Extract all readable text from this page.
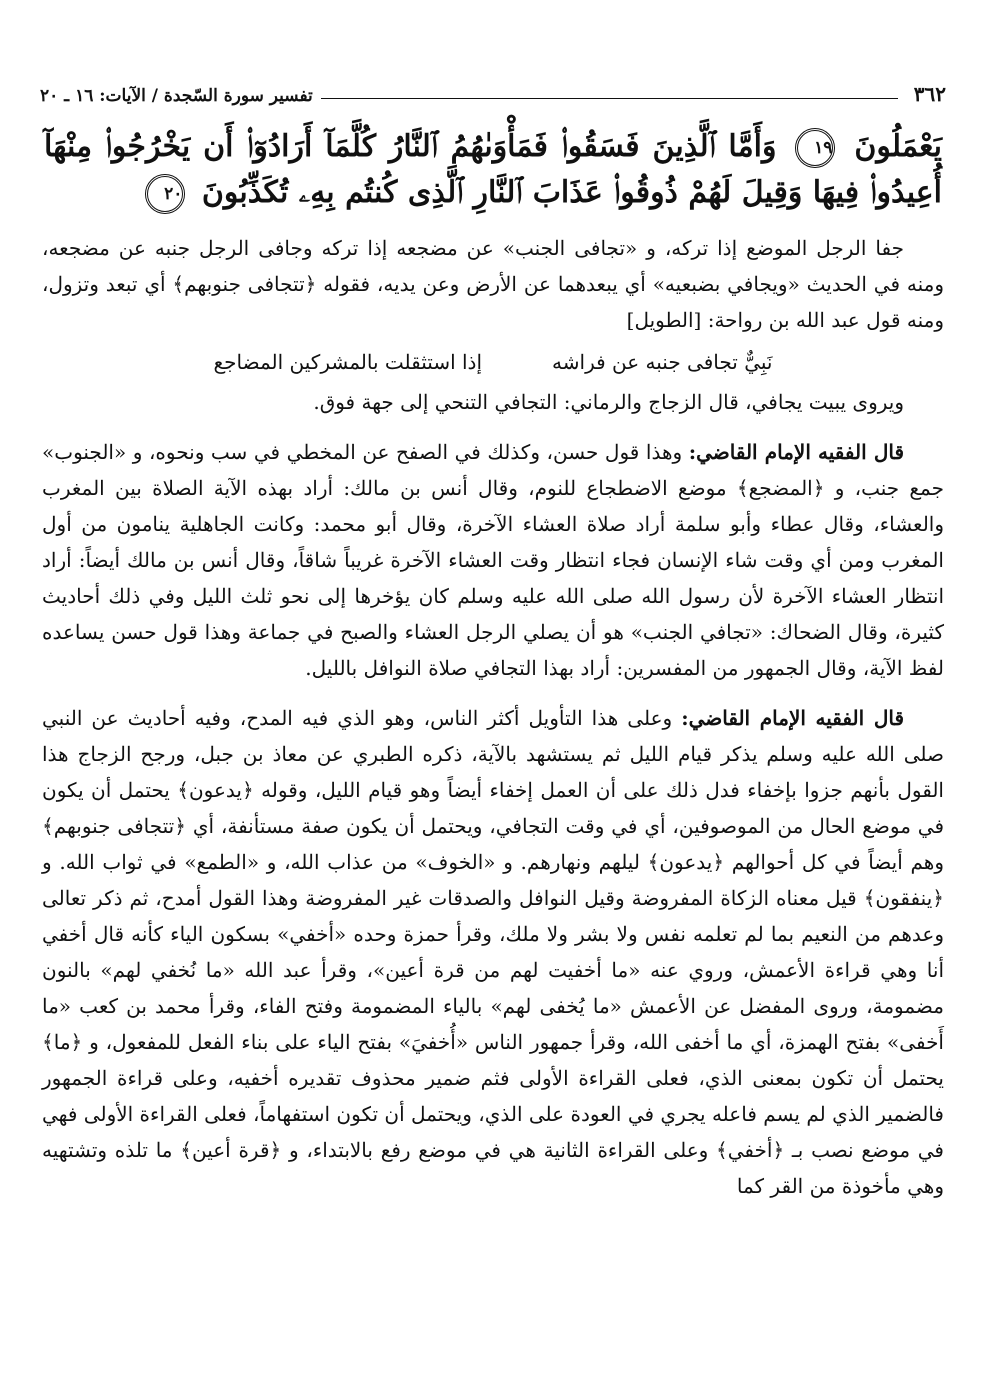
٣٦٢
تفسير سورة السّجدة / الآيات: ١٦ ـ ٢٠
يَعْمَلُونَ ١٩ وَأَمَّا ٱلَّذِينَ فَسَقُوا۟ فَمَأْوَىٰهُمُ ٱلنَّارُ كُلَّمَآ أَرَادُوٓا۟ أَن يَخْرُجُوا۟ مِنْهَآ أُعِيدُوا۟ فِيهَا وَقِيلَ لَهُمْ ذُوقُوا۟ عَذَابَ ٱلنَّارِ ٱلَّذِى كُنتُم بِهِۦ تُكَذِّبُونَ ٢٠

جفا الرجل الموضع إذا تركه، و «تجافى الجنب» عن مضجعه إذا تركه وجافى الرجل جنبه عن مضجعه، ومنه في الحديث «ويجافي بضبعيه» أي يبعدهما عن الأرض وعن يديه، فقوله ﴿تتجافى جنوبهم﴾ أي تبعد وتزول، ومنه قول عبد الله بن رواحة: [الطويل]

نَبِيٌّ تجافى جنبه عن فراشه
إذا استثقلت بالمشركين المضاجع

ويروى يبيت يجافي، قال الزجاج والرماني: التجافي التنحي إلى جهة فوق.

قال الفقيه الإمام القاضي: وهذا قول حسن، وكذلك في الصفح عن المخطي في سب ونحوه، و «الجنوب» جمع جنب، و ﴿المضجع﴾ موضع الاضطجاع للنوم، وقال أنس بن مالك: أراد بهذه الآية الصلاة بين المغرب والعشاء، وقال عطاء وأبو سلمة أراد صلاة العشاء الآخرة، وقال أبو محمد: وكانت الجاهلية ينامون من أول المغرب ومن أي وقت شاء الإنسان فجاء انتظار وقت العشاء الآخرة غريباً شاقاً، وقال أنس بن مالك أيضاً: أراد انتظار العشاء الآخرة لأن رسول الله صلى الله عليه وسلم كان يؤخرها إلى نحو ثلث الليل وفي ذلك أحاديث كثيرة، وقال الضحاك: «تجافي الجنب» هو أن يصلي الرجل العشاء والصبح في جماعة وهذا قول حسن يساعده لفظ الآية، وقال الجمهور من المفسرين: أراد بهذا التجافي صلاة النوافل بالليل.

قال الفقيه الإمام القاضي: وعلى هذا التأويل أكثر الناس، وهو الذي فيه المدح، وفيه أحاديث عن النبي صلى الله عليه وسلم يذكر قيام الليل ثم يستشهد بالآية، ذكره الطبري عن معاذ بن جبل، ورجح الزجاج هذا القول بأنهم جزوا بإخفاء فدل ذلك على أن العمل إخفاء أيضاً وهو قيام الليل، وقوله ﴿يدعون﴾ يحتمل أن يكون في موضع الحال من الموصوفين، أي في وقت التجافي، ويحتمل أن يكون صفة مستأنفة، أي ﴿تتجافى جنوبهم﴾ وهم أيضاً في كل أحوالهم ﴿يدعون﴾ ليلهم ونهارهم. و «الخوف» من عذاب الله، و «الطمع» في ثواب الله. و ﴿ينفقون﴾ قيل معناه الزكاة المفروضة وقيل النوافل والصدقات غير المفروضة وهذا القول أمدح، ثم ذكر تعالى وعدهم من النعيم بما لم تعلمه نفس ولا بشر ولا ملك، وقرأ حمزة وحده «أخفي» بسكون الياء كأنه قال أخفي أنا وهي قراءة الأعمش، وروي عنه «ما أخفيت لهم من قرة أعين»، وقرأ عبد الله «ما نُخفي لهم» بالنون مضمومة، وروى المفضل عن الأعمش «ما يُخفى لهم» بالياء المضمومة وفتح الفاء، وقرأ محمد بن كعب «ما أَخفى» بفتح الهمزة، أي ما أخفى الله، وقرأ جمهور الناس «أُخفيَ» بفتح الياء على بناء الفعل للمفعول، و ﴿ما﴾ يحتمل أن تكون بمعنى الذي، فعلى القراءة الأولى فثم ضمير محذوف تقديره أخفيه، وعلى قراءة الجمهور فالضمير الذي لم يسم فاعله يجري في العودة على الذي، ويحتمل أن تكون استفهاماً، فعلى القراءة الأولى فهي في موضع نصب بـ ﴿أخفي﴾ وعلى القراءة الثانية هي في موضع رفع بالابتداء، و ﴿قرة أعين﴾ ما تلذه وتشتهيه وهي مأخوذة من القر كما
